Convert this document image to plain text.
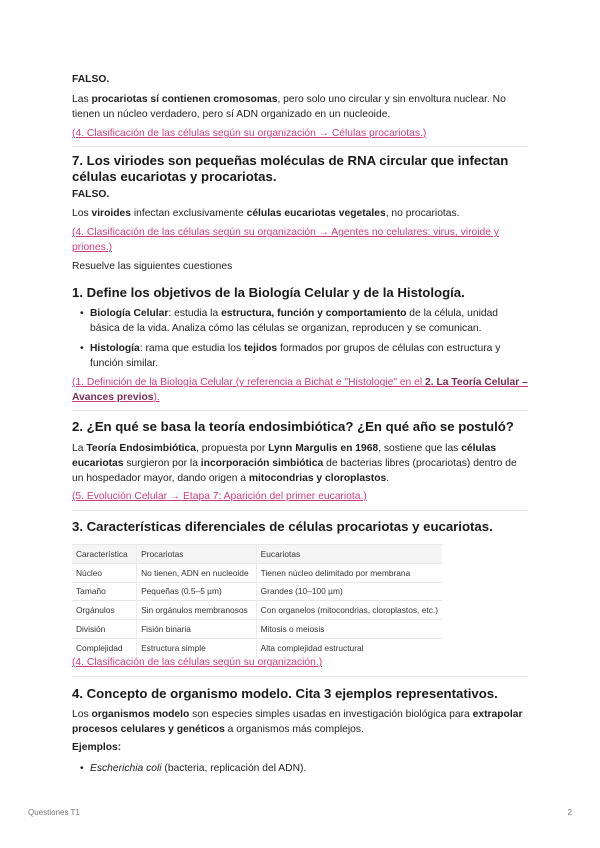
FALSO.

Las procariotas sí contienen cromosomas, pero solo uno circular y sin envoltura nuclear. No tienen un núcleo verdadero, pero sí ADN organizado en un nucleoide.

(4. Clasificación de las células según su organización → Células procariotas.)

7. Los viriodes son pequeñas moléculas de RNA circular que infectan células eucariotas y procariotas.

FALSO.

Los viroides infectan exclusivamente células eucariotas vegetales, no procariotas.

(4. Clasificación de las células según su organización → Agentes no celulares: virus, viroide y priones.)

Resuelve las siguientes cuestiones

1. Define los objetivos de la Biología Celular y de la Histología.
• Biología Celular: estudia la estructura, función y comportamiento de la célula, unidad básica de la vida. Analiza cómo las células se organizan, reproducen y se comunican.
• Histología: rama que estudia los tejidos formados por grupos de células con estructura y función similar.

(1. Definición de la Biología Celular (y referencia a Bichat e "Histologie" en el 2. La Teoría Celular – Avances previos).

2. ¿En qué se basa la teoría endosimbiótica? ¿En qué año se postuló?

La Teoría Endosimbiótica, propuesta por Lynn Margulis en 1968, sostiene que las células eucariotas surgieron por la incorporación simbiótica de bacterias libres (procariotas) dentro de un hospedador mayor, dando origen a mitocondrias y cloroplastos.

(5. Evolución Celular → Etapa 7: Aparición del primer eucariota.)

3. Características diferenciales de células procariotas y eucariotas.
Característica	Procariotas	Eucariotas
Núcleo	No tienen, ADN en nucleoide	Tienen núcleo delimitado por membrana
Tamaño	Pequeñas (0.5–5 µm)	Grandes (10–100 µm)
Orgánulos	Sin orgánulos membranosos	Con organelos (mitocondrias, cloroplastos, etc.)
División	Fisión binaria	Mitosis o meiosis
Complejidad	Estructura simple	Alta complejidad estructural

(4. Clasificación de las células según su organización.)

4. Concepto de organismo modelo. Cita 3 ejemplos representativos.

Los organismos modelo son especies simples usadas en investigación biológica para extrapolar procesos celulares y genéticos a organismos más complejos.

Ejemplos:

• Escherichia coli (bacteria, replicación del ADN).
Questiones T1	2
